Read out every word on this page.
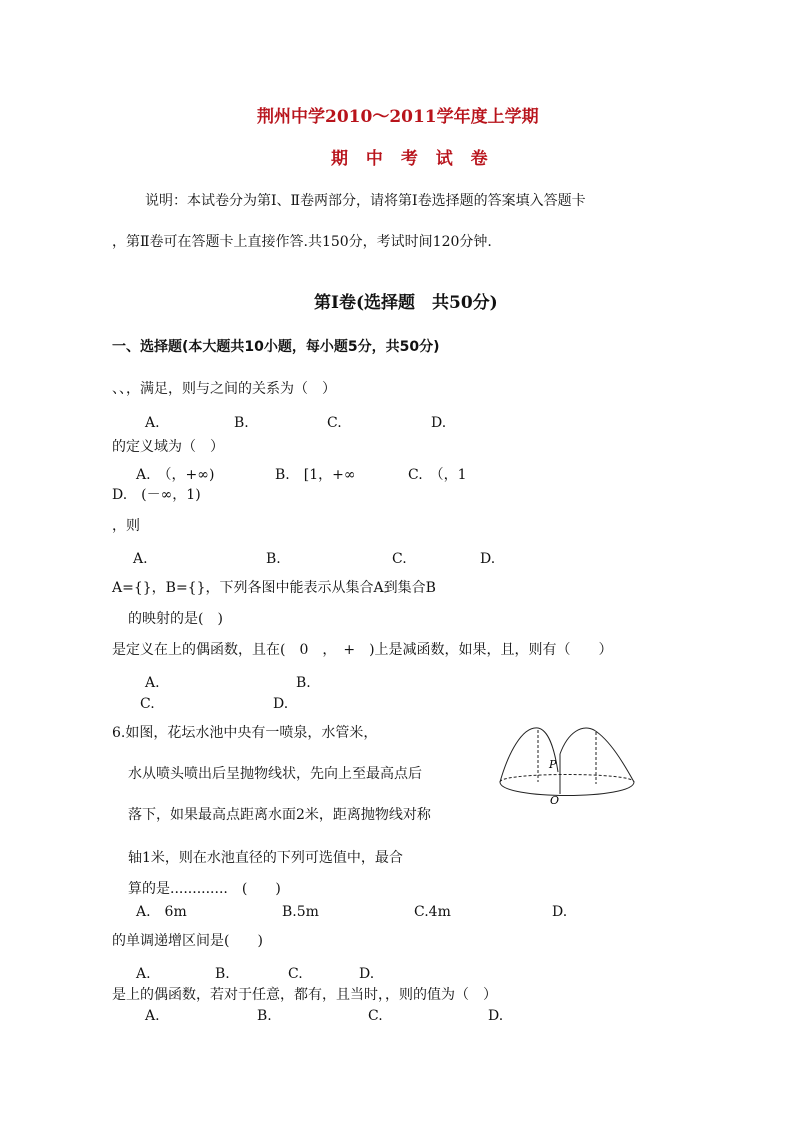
荆州中学2010～2011学年度上学期
期 中 考 试 卷
说明：本试卷分为第Ⅰ、Ⅱ卷两部分，请将第Ⅰ卷选择题的答案填入答题卡
，第Ⅱ卷可在答题卡上直接作答.共150分，考试时间120分钟.
第Ⅰ卷(选择题　共50分)
一、选择题(本大题共10小题，每小题5分，共50分)
、、，满足，则与之间的关系为（　）
A.	B.	C.	D.
的定义域为（　）
A.　（，+∞)	B.　[1，+∞	C.　（，1
D.　(－∞，1)
，则
A.	B.	C.	D.
A={}，B={}，下列各图中能表示从集合A到集合B
的映射的是(　)
是定义在上的偶函数，且在(　0　，　+　)上是减函数，如果，且，则有（　　）
A.	B.
C.	D.
6.如图，花坛水池中央有一喷泉，水管米，
水从喷头喷出后呈抛物线状，先向上至最高点后
落下，如果最高点距离水面2米，距离抛物线对称
轴1米，则在水池直径的下列可选值中，最合
算的是.............　(　　)
A.　6m	B.5m	C.4m	D.
P
O
的单调递增区间是(　　)
A.	B.	C.	D.
是上的偶函数，若对于任意，都有，且当时，，则的值为（　）
A.	B.	C.	D.
